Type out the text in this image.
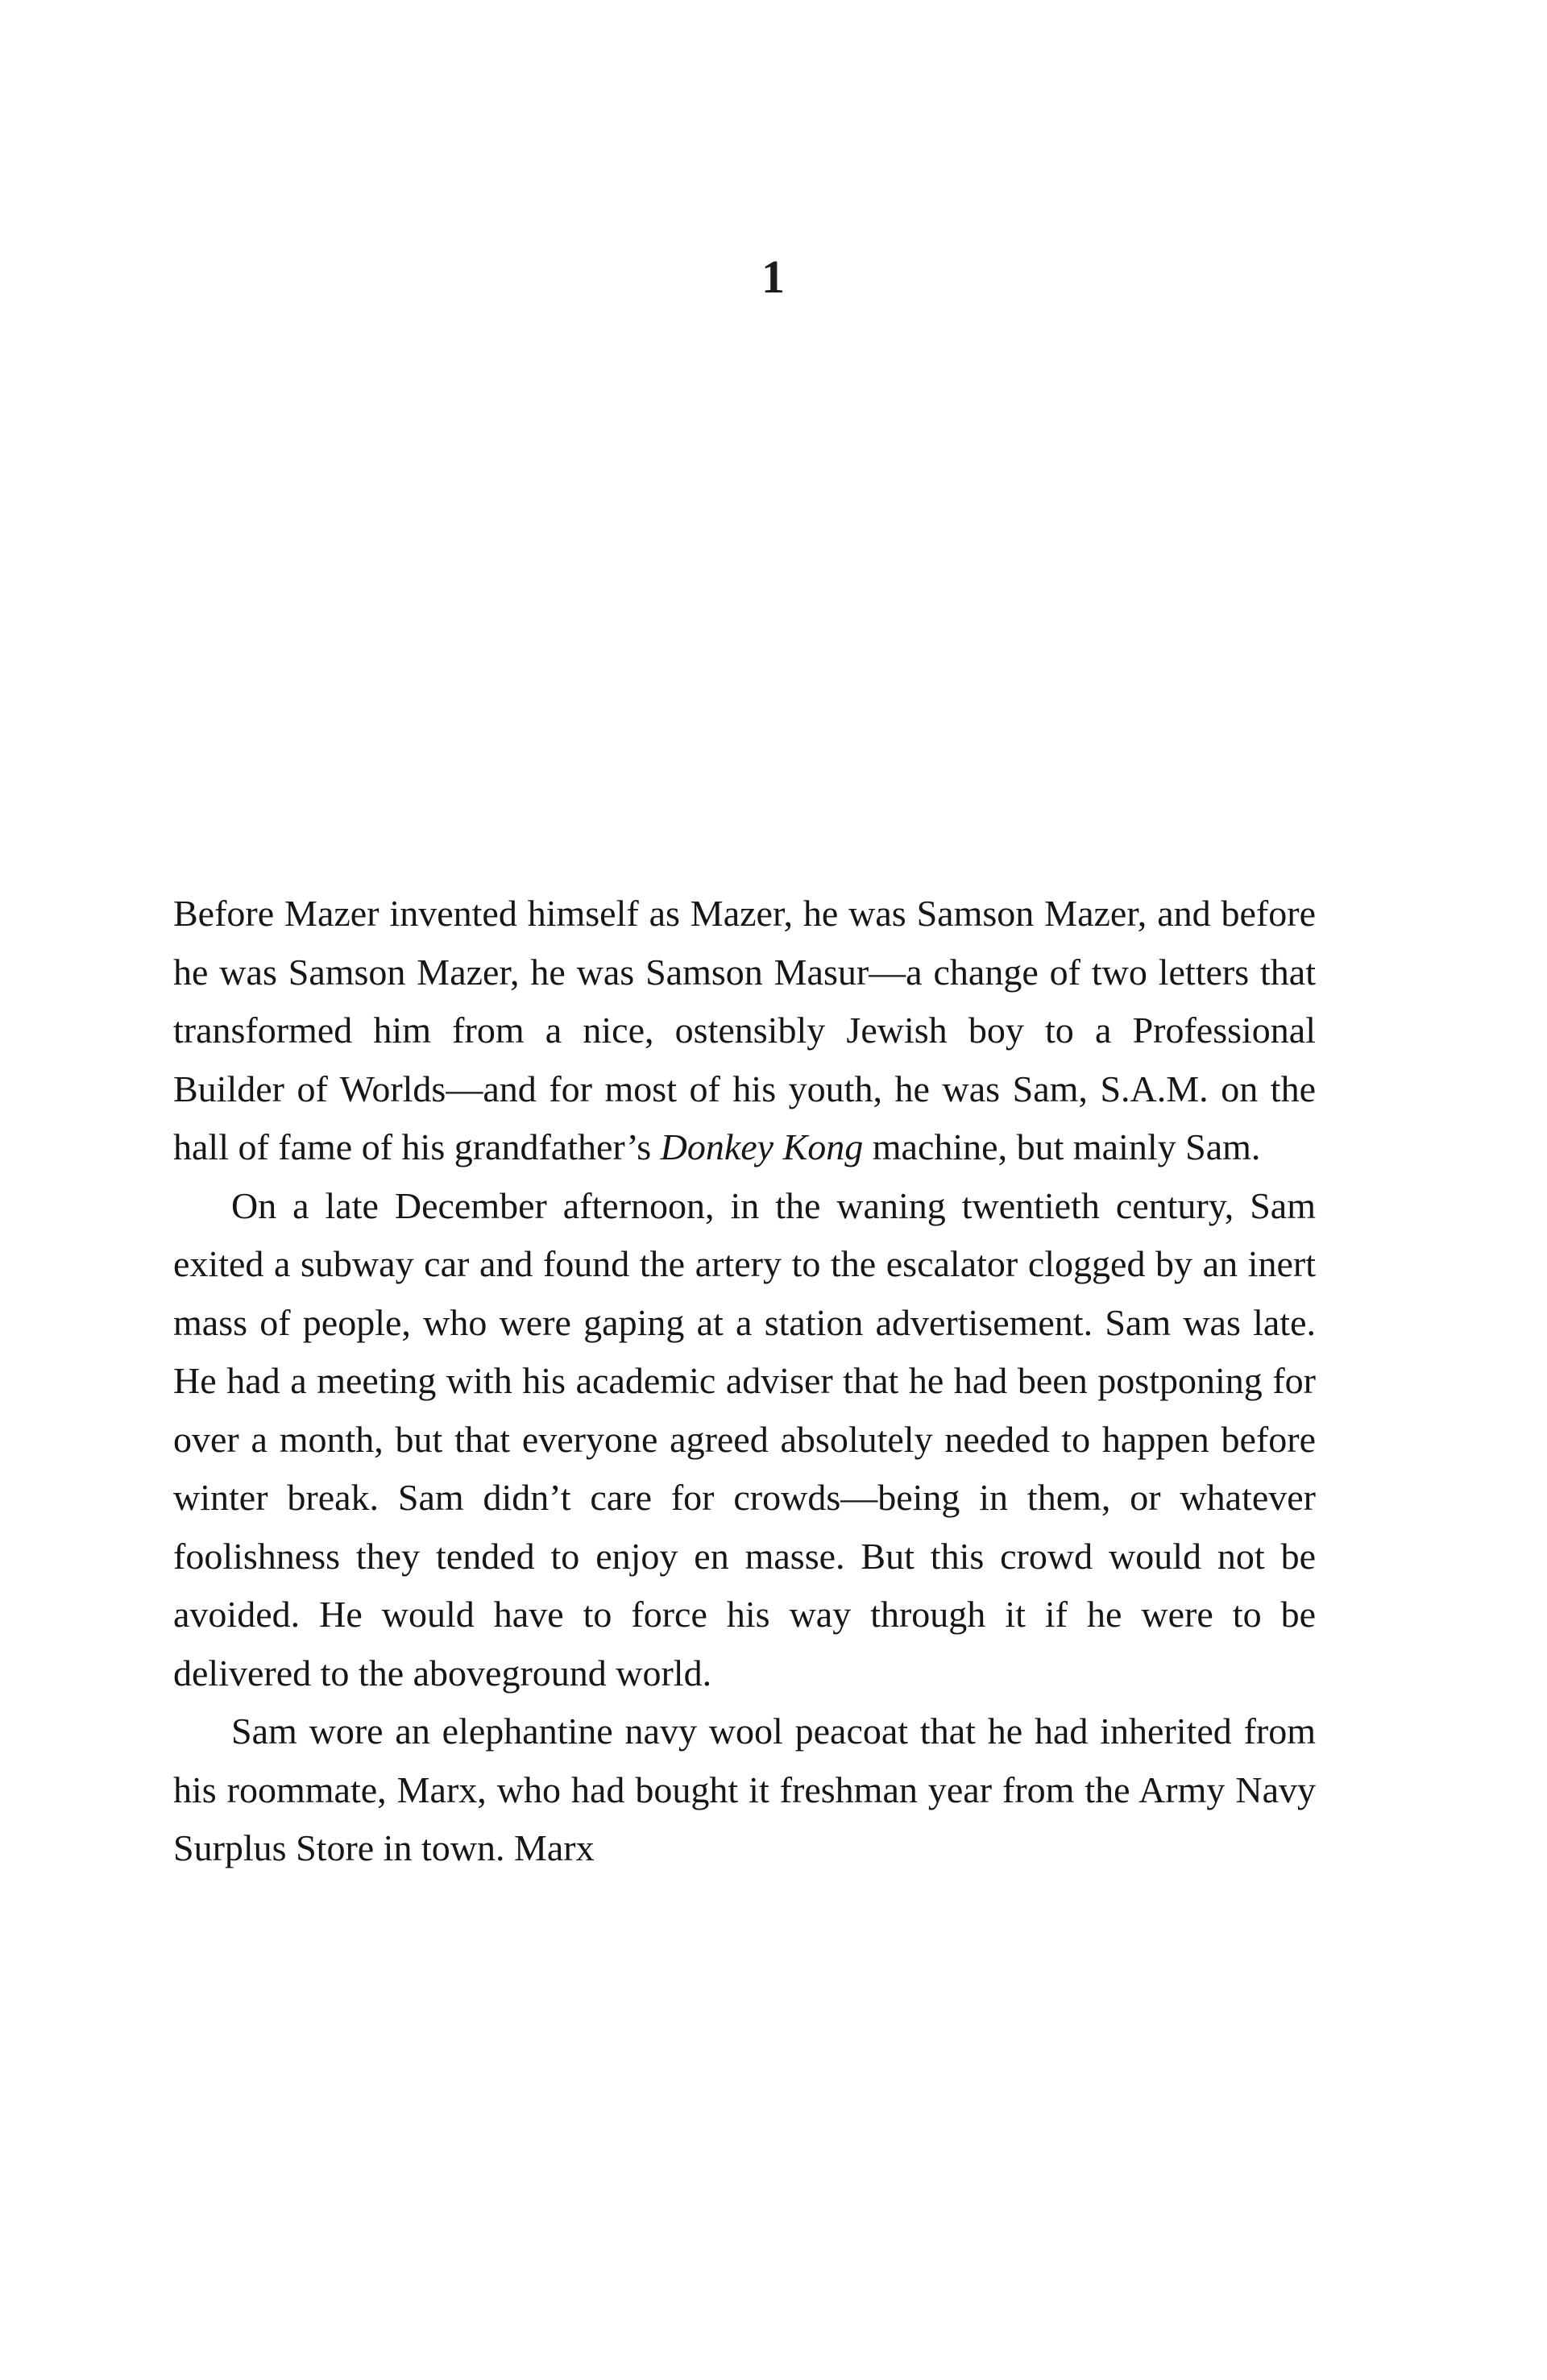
1

Before Mazer invented himself as Mazer, he was Samson Mazer, and before he was Samson Mazer, he was Samson Masur—a change of two letters that transformed him from a nice, ostensibly Jewish boy to a Professional Builder of Worlds—and for most of his youth, he was Sam, S.A.M. on the hall of fame of his grandfather’s Donkey Kong machine, but mainly Sam.

On a late December afternoon, in the waning twentieth century, Sam exited a subway car and found the artery to the escalator clogged by an inert mass of people, who were gaping at a station advertisement. Sam was late. He had a meeting with his academic adviser that he had been postponing for over a month, but that everyone agreed absolutely needed to happen before winter break. Sam didn’t care for crowds—being in them, or whatever foolishness they tended to enjoy en masse. But this crowd would not be avoided. He would have to force his way through it if he were to be delivered to the aboveground world.

Sam wore an elephantine navy wool peacoat that he had inherited from his roommate, Marx, who had bought it freshman year from the Army Navy Surplus Store in town. Marx
